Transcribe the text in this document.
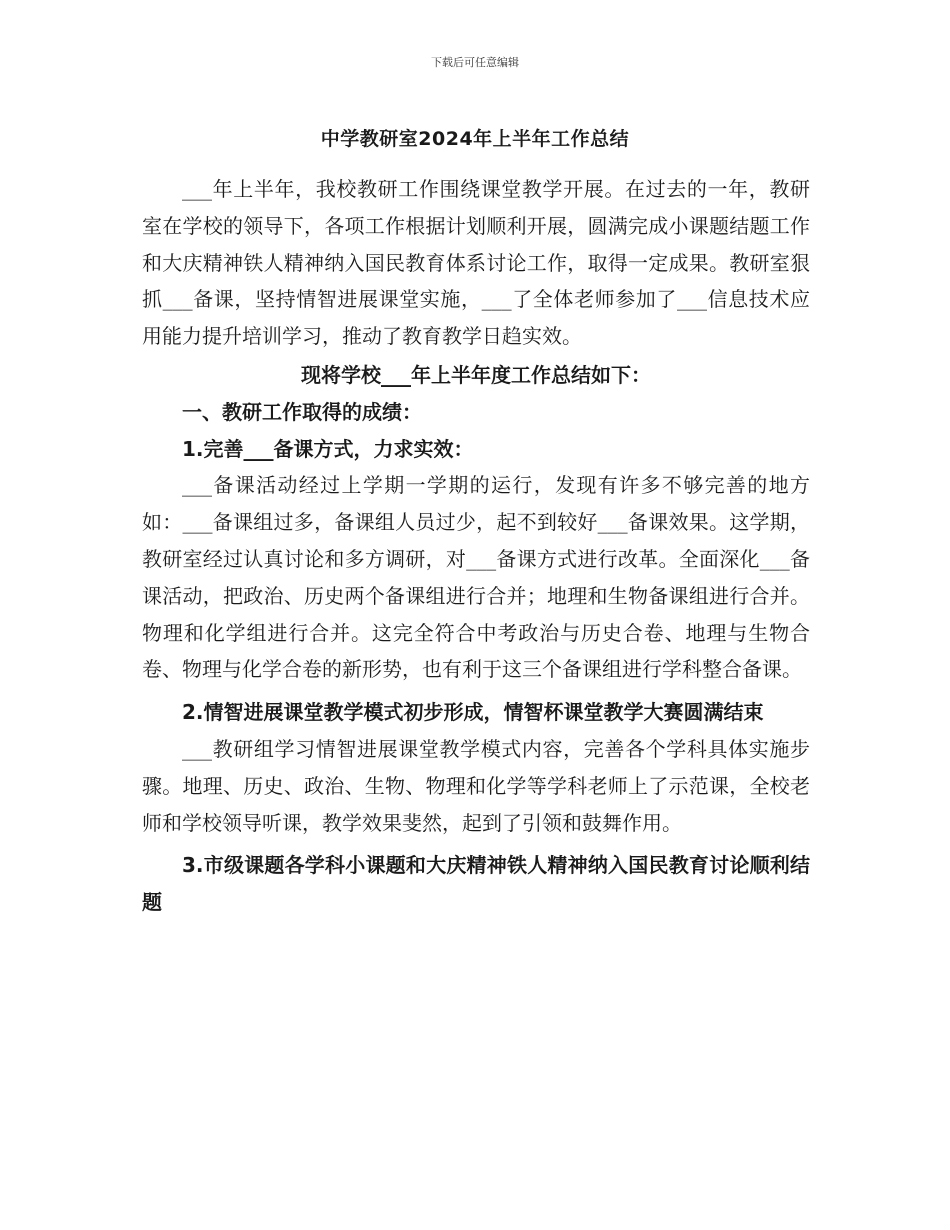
下载后可任意编辑
中学教研室2024年上半年工作总结

___年上半年，我校教研工作围绕课堂教学开展。在过去的一年，教研室在学校的领导下，各项工作根据计划顺利开展，圆满完成小课题结题工作和大庆精神铁人精神纳入国民教育体系讨论工作，取得一定成果。教研室狠抓___备课，坚持情智进展课堂实施，___了全体老师参加了___信息技术应用能力提升培训学习，推动了教育教学日趋实效。

现将学校___年上半年度工作总结如下：

一、教研工作取得的成绩：

1.完善___备课方式，力求实效：

___备课活动经过上学期一学期的运行，发现有许多不够完善的地方如：___备课组过多，备课组人员过少，起不到较好___备课效果。这学期，教研室经过认真讨论和多方调研，对___备课方式进行改革。全面深化___备课活动，把政治、历史两个备课组进行合并；地理和生物备课组进行合并。物理和化学组进行合并。这完全符合中考政治与历史合卷、地理与生物合卷、物理与化学合卷的新形势，也有利于这三个备课组进行学科整合备课。

2.情智进展课堂教学模式初步形成，情智杯课堂教学大赛圆满结束

___教研组学习情智进展课堂教学模式内容，完善各个学科具体实施步骤。地理、历史、政治、生物、物理和化学等学科老师上了示范课，全校老师和学校领导听课，教学效果斐然，起到了引领和鼓舞作用。

3.市级课题各学科小课题和大庆精神铁人精神纳入国民教育讨论顺利结题
